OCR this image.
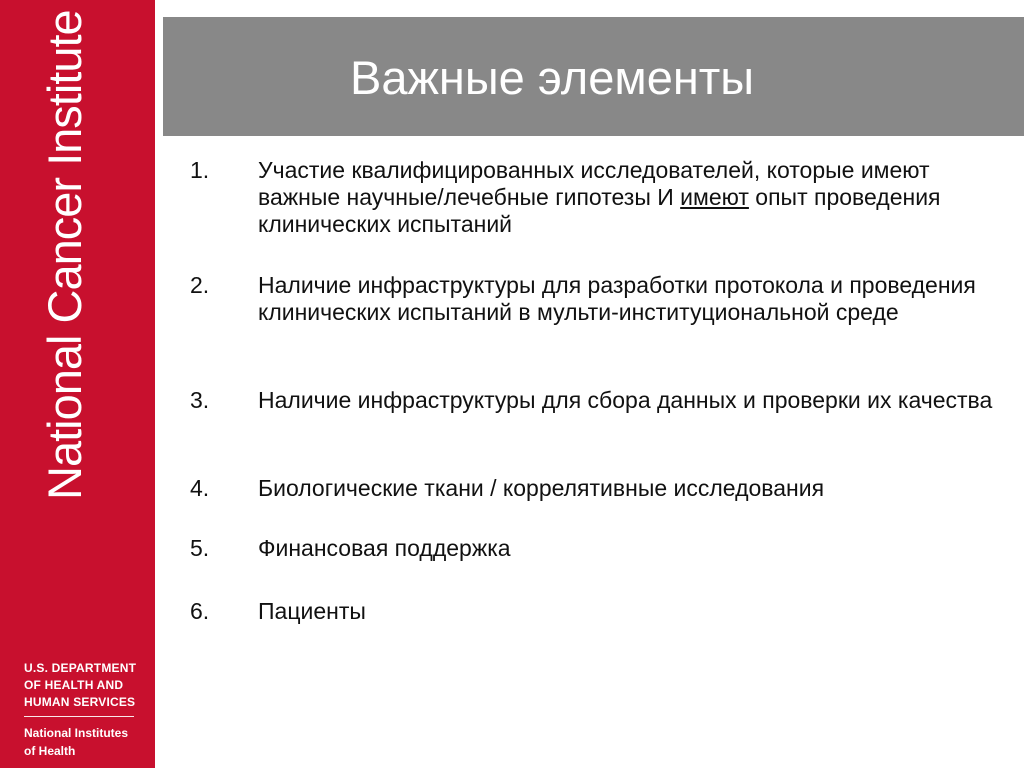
National Cancer Institute
U.S. DEPARTMENT
OF HEALTH AND
HUMAN SERVICES
National Institutes
of Health
Важные элементы
1.	Участие квалифицированных исследователей, которые имеют важные научные/лечебные гипотезы И имеют опыт проведения клинических испытаний
2.	Наличие инфраструктуры для разработки протокола и проведения клинических испытаний в мульти-институциональной среде
3.	Наличие инфраструктуры для сбора данных и проверки их качества
4.	Биологические ткани / коррелятивные исследования
5.	Финансовая поддержка
6.	Пациенты
